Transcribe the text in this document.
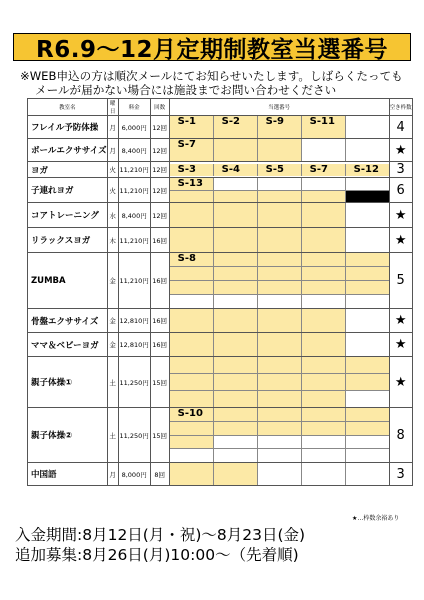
R6.9～12月定期制教室当選番号
※WEB申込の方は順次メールにてお知らせいたします。しばらくたっても
メールが届かない場合には施設までお問い合わせください
教室名	曜日	料金	回数	当選番号	空き枠数
フレイル予防体操	月	6,000円	12回	S-1 S-2 S-9 S-11	4
ボールエクササイズ	月	8,400円	12回	S-7	★
ヨガ	火	11,210円	12回	S-3 S-4 S-5 S-7 S-12	3
子連れヨガ	火	11,210円	12回	S-13	6
コアトレーニング	水	8,400円	12回		★
リラックスヨガ	木	11,210円	16回		★
ZUMBA	金	11,210円	16回	S-8	5
骨盤エクササイズ	金	12,810円	16回		★
ママ＆ベビーヨガ	金	12,810円	16回		★
親子体操①	土	11,250円	15回		★
親子体操②	土	11,250円	15回	S-10	8
中国語	月	8,000円	8回		3
★…枠数余裕あり
入金期間:8月12日(月・祝)～8月23日(金)
追加募集:8月26日(月)10:00～（先着順)
